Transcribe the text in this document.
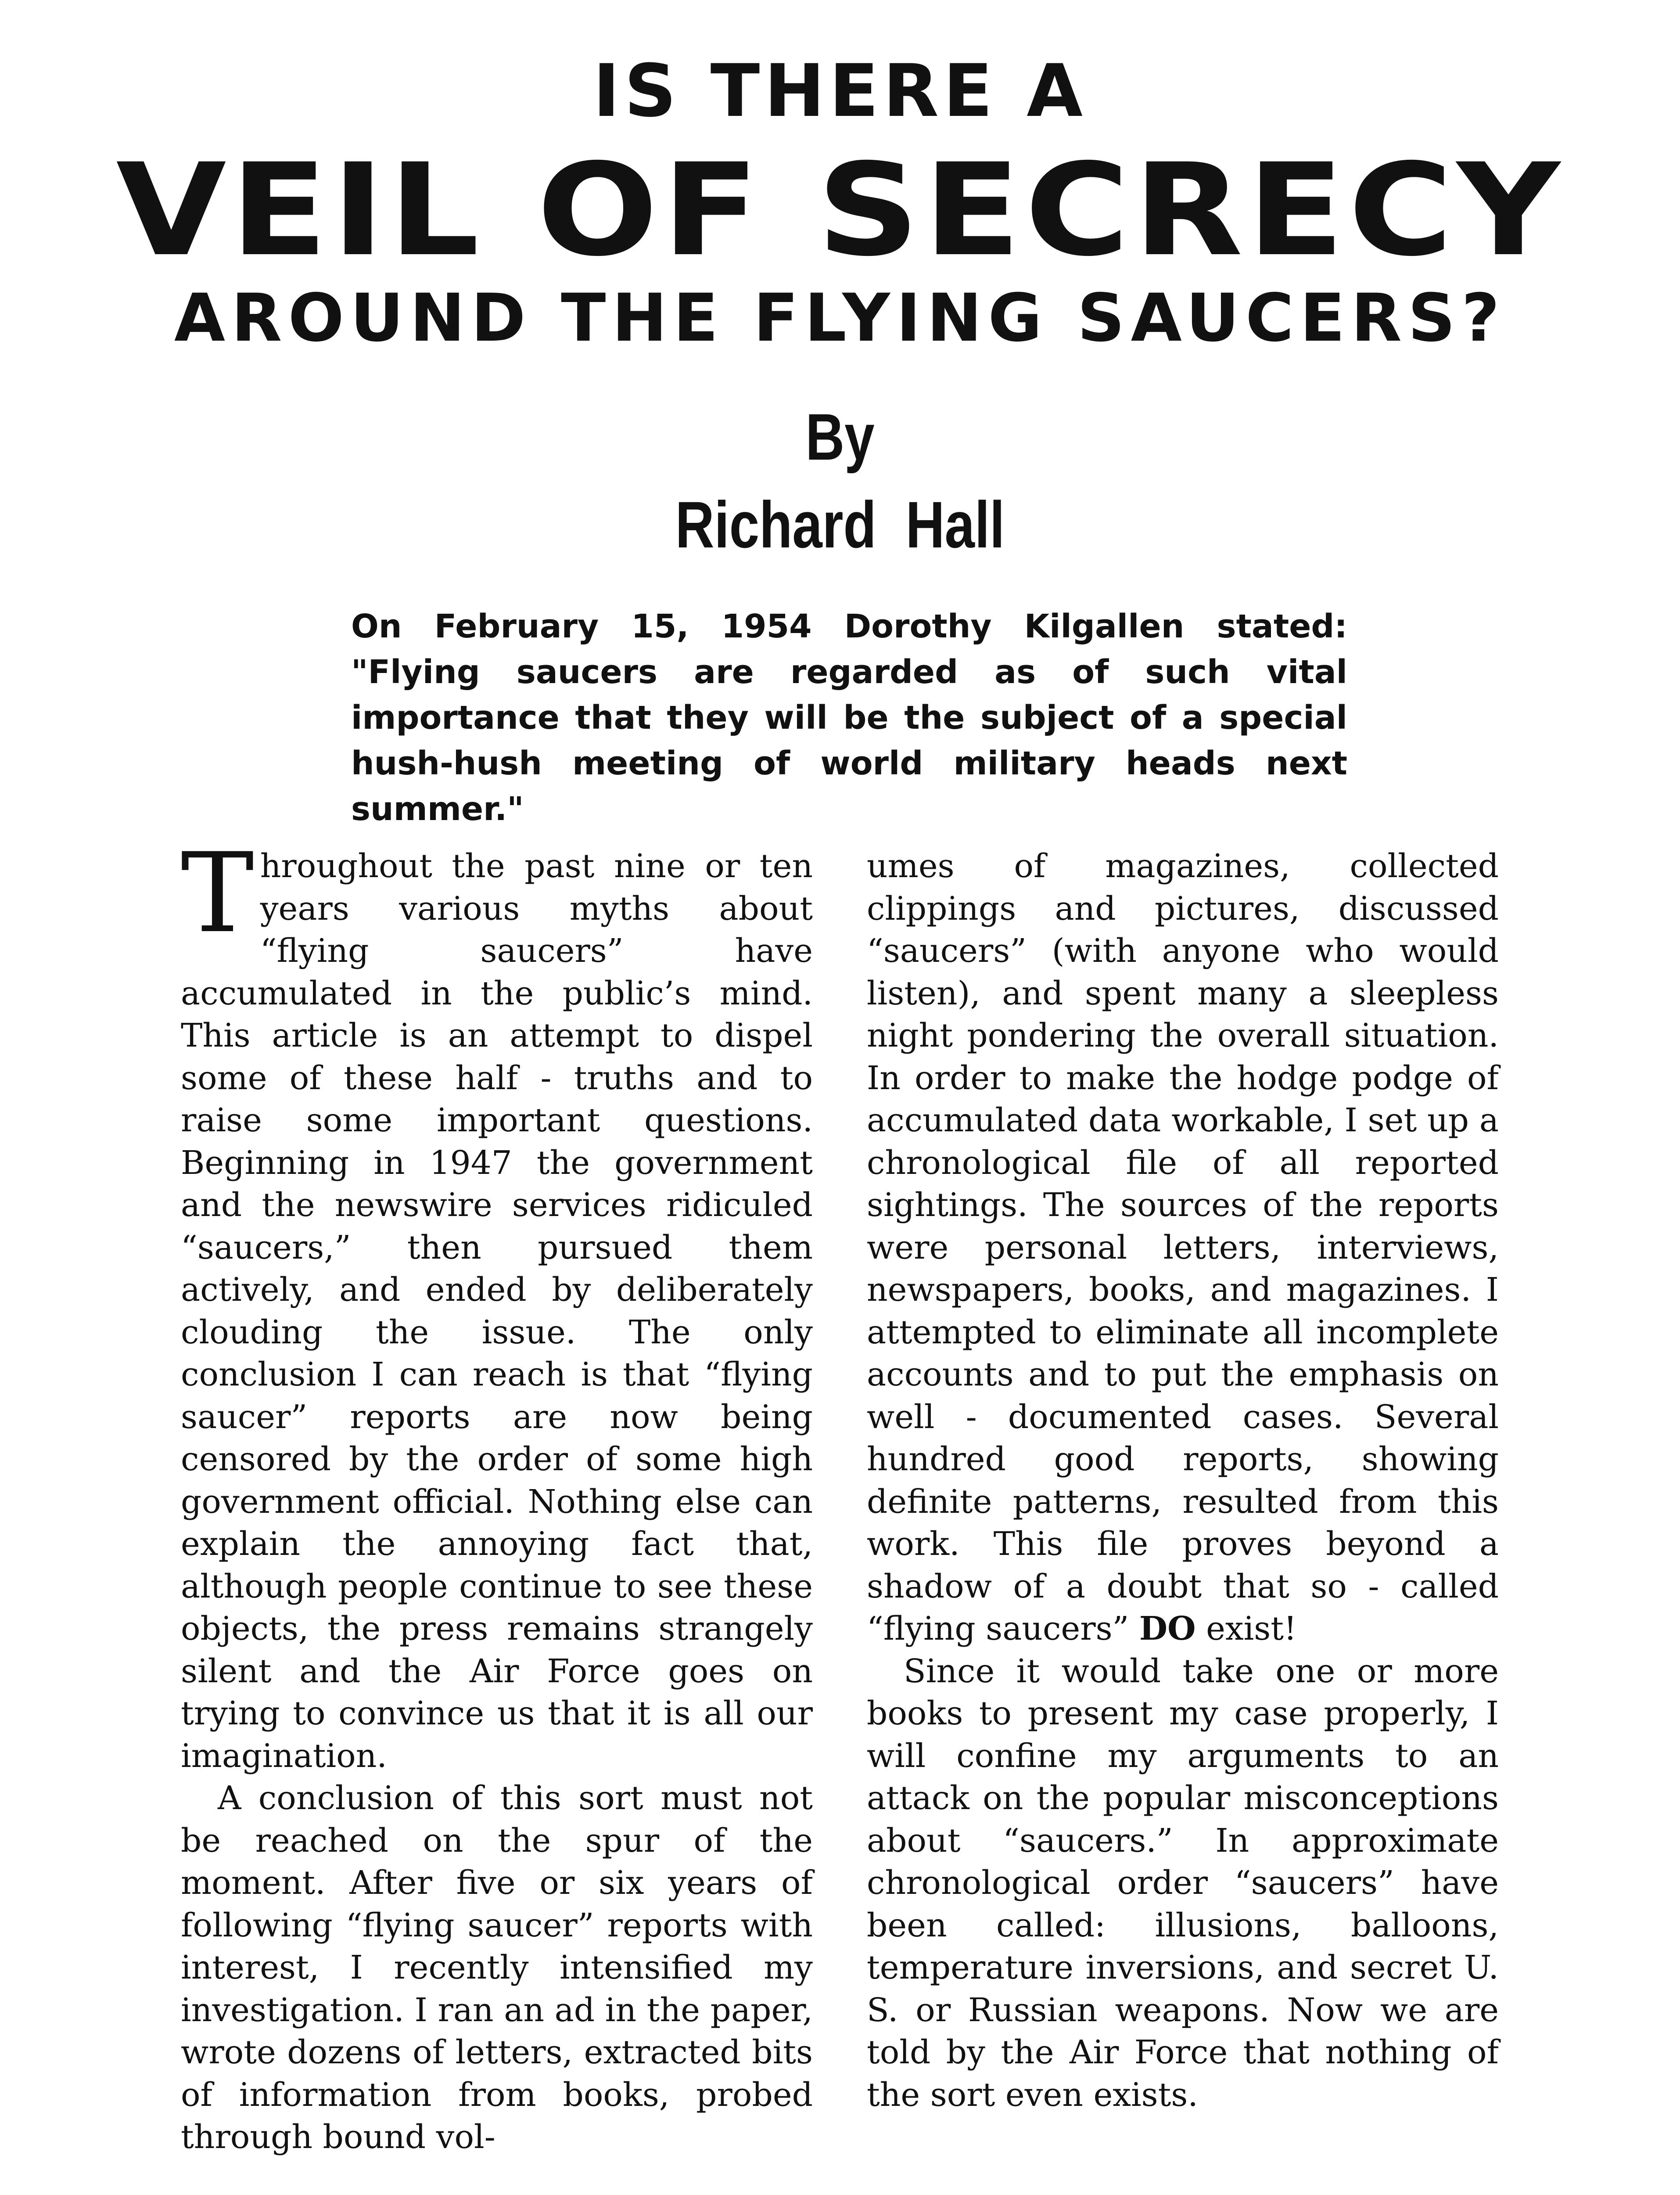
IS THERE A
VEIL OF SECRECY
AROUND THE FLYING SAUCERS?
By
Richard Hall
On February 15, 1954 Dorothy Kilgallen stated: "Flying saucers are regarded as of such vital importance that they will be the subject of a special hush-hush meeting of world military heads next summer."

Throughout the past nine or ten years various myths about “flying saucers” have accumulated in the public’s mind. This article is an attempt to dispel some of these half - truths and to raise some important questions. Beginning in 1947 the government and the newswire services ridiculed “saucers,” then pursued them actively, and ended by deliberately clouding the issue. The only conclusion I can reach is that “flying saucer” reports are now being censored by the order of some high government official. Nothing else can explain the annoying fact that, although people continue to see these objects, the press remains strangely silent and the Air Force goes on trying to convince us that it is all our imagination.

A conclusion of this sort must not be reached on the spur of the moment. After five or six years of following “flying saucer” reports with interest, I recently intensified my investigation. I ran an ad in the paper, wrote dozens of letters, extracted bits of information from books, probed through bound vol-

umes of magazines, collected clippings and pictures, discussed “saucers” (with anyone who would listen), and spent many a sleepless night pondering the overall situation. In order to make the hodge podge of accumulated data workable, I set up a chronological file of all reported sightings. The sources of the reports were personal letters, interviews, newspapers, books, and magazines. I attempted to eliminate all incomplete accounts and to put the emphasis on well - documented cases. Several hundred good reports, showing definite patterns, resulted from this work. This file proves beyond a shadow of a doubt that so - called “flying saucers” DO exist!

Since it would take one or more books to present my case properly, I will confine my arguments to an attack on the popular misconceptions about “saucers.” In approximate chronological order “saucers” have been called: illusions, balloons, temperature inversions, and secret U. S. or Russian weapons. Now we are told by the Air Force that nothing of the sort even exists.
